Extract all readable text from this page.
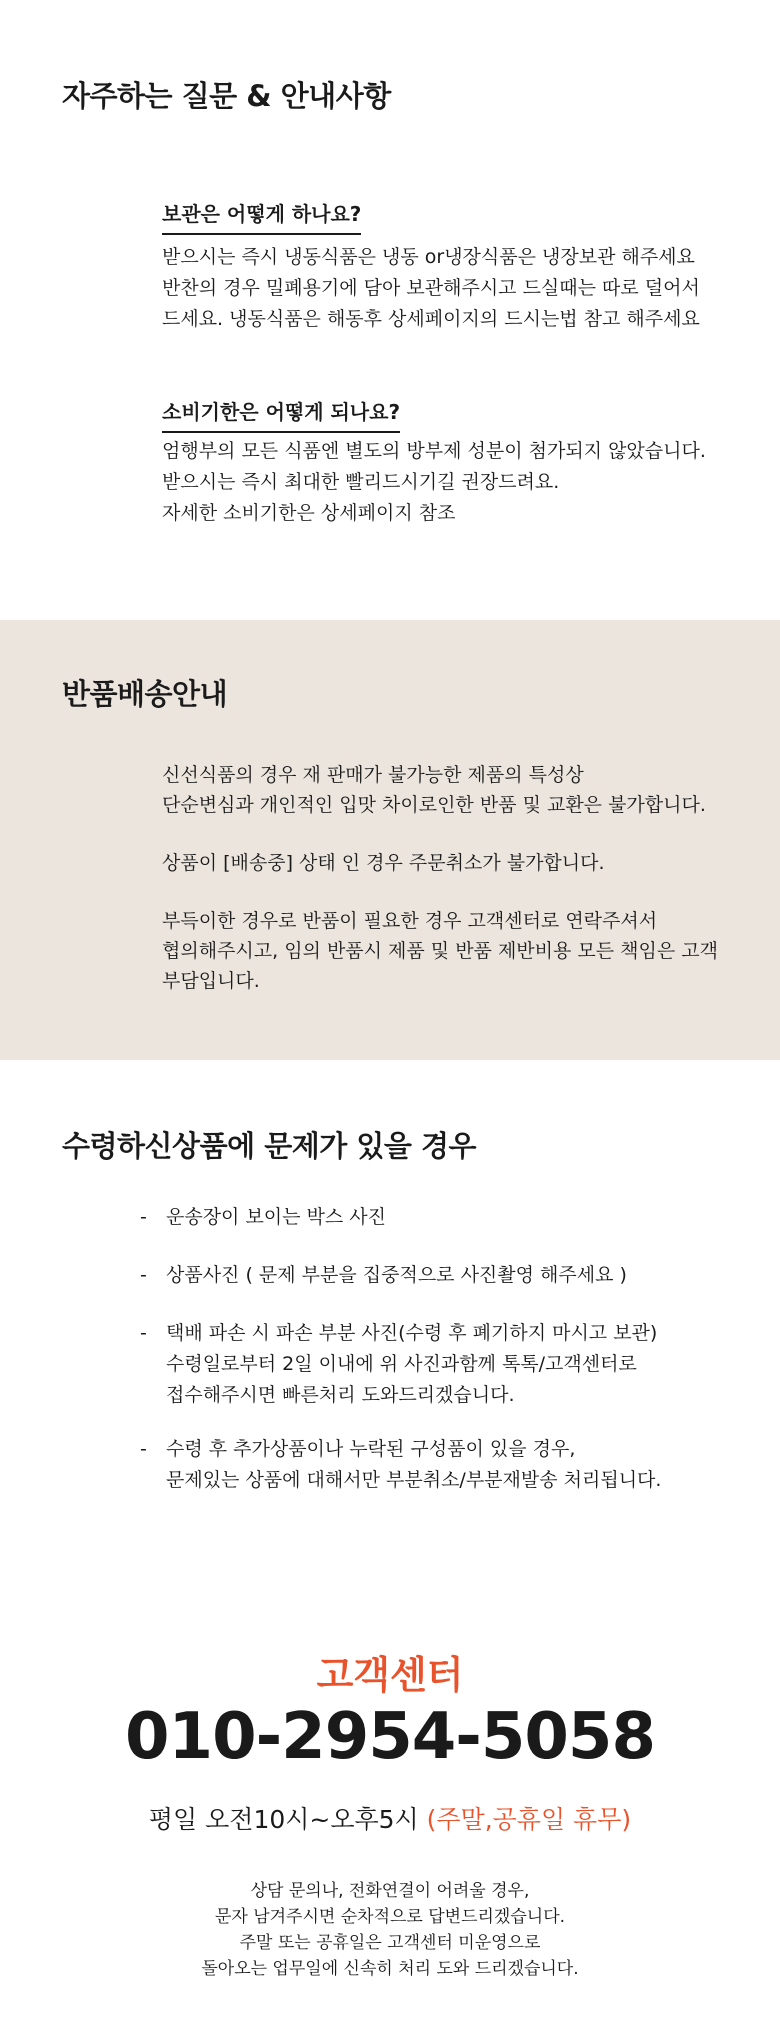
자주하는 질문 & 안내사항
보관은 어떻게 하나요?
받으시는 즉시 냉동식품은 냉동 or냉장식품은 냉장보관 해주세요
반찬의 경우 밀폐용기에 담아 보관해주시고 드실때는 따로 덜어서
드세요. 냉동식품은 해동후 상세페이지의 드시는법 참고 해주세요
소비기한은 어떻게 되나요?
엄행부의 모든 식품엔 별도의 방부제 성분이 첨가되지 않았습니다.
받으시는 즉시 최대한 빨리드시기길 권장드려요.
자세한 소비기한은 상세페이지 참조
반품배송안내
신선식품의 경우 재 판매가 불가능한 제품의 특성상
단순변심과 개인적인 입맛 차이로인한 반품 및 교환은 불가합니다.
상품이 [배송중] 상태 인 경우 주문취소가 불가합니다.
부득이한 경우로 반품이 필요한 경우 고객센터로 연락주셔서
협의해주시고, 임의 반품시 제품 및 반품 제반비용 모든 책임은 고객
부담입니다.
수령하신상품에 문제가 있을 경우
- 운송장이 보이는 박스 사진
- 상품사진 ( 문제 부분을 집중적으로 사진촬영 해주세요 )
- 택배 파손 시 파손 부분 사진(수령 후 폐기하지 마시고 보관)
수령일로부터 2일 이내에 위 사진과함께 톡톡/고객센터로
접수해주시면 빠른처리 도와드리겠습니다.
- 수령 후 추가상품이나 누락된 구성품이 있을 경우,
문제있는 상품에 대해서만 부분취소/부분재발송 처리됩니다.
고객센터
010-2954-5058
평일 오전10시~오후5시 (주말,공휴일 휴무)
상담 문의나, 전화연결이 어려울 경우,
문자 남겨주시면 순차적으로 답변드리겠습니다.
주말 또는 공휴일은 고객센터 미운영으로
돌아오는 업무일에 신속히 처리 도와 드리겠습니다.
